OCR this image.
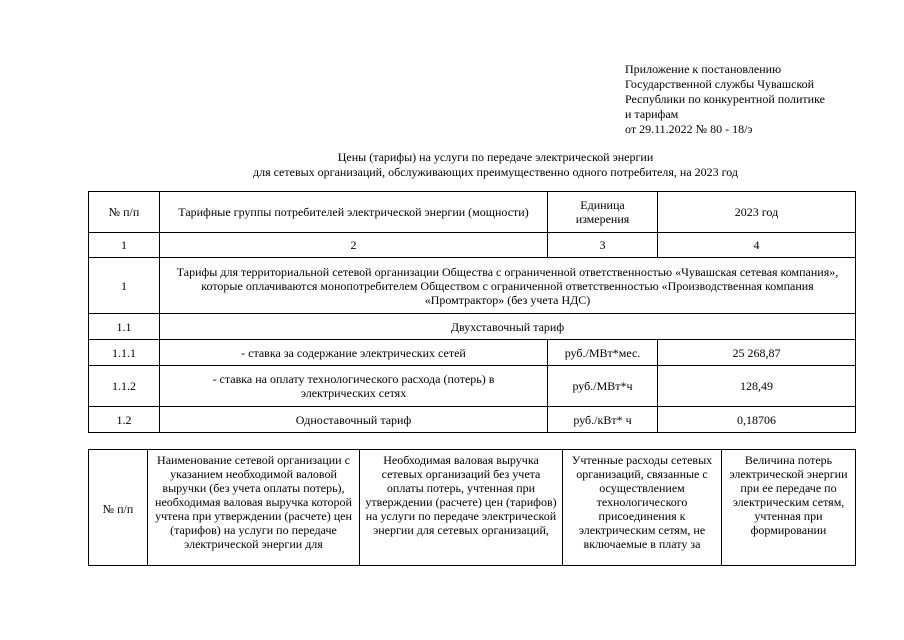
Приложение к постановлению
Государственной службы Чувашской
Республики по конкурентной политике
и тарифам
от 29.11.2022 № 80 - 18/э
Цены (тарифы) на услуги по передаче электрической энергии
для сетевых организаций, обслуживающих преимущественно одного потребителя, на 2023 год
№ п/п	Тарифные группы потребителей электрической энергии (мощности)	Единица измерения	2023 год
1	2	3	4
1	Тарифы для территориальной сетевой организации Общества с ограниченной ответственностью «Чувашская сетевая компания», которые оплачиваются монопотребителем Обществом с ограниченной ответственностью «Производственная компания «Промтрактор» (без учета НДС)		
1.1	Двухставочный тариф		
1.1.1	- ставка за содержание электрических сетей	руб./МВт*мес.	25 268,87
1.1.2	- ставка на оплату технологического расхода (потерь) в электрических сетях	руб./МВт*ч	128,49
1.2	Одноставочный тариф	руб./кВт* ч	0,18706
№ п/п	Наименование сетевой организации с указанием необходимой валовой выручки (без учета оплаты потерь), необходимая валовая выручка которой учтена при утверждении (расчете) цен (тарифов) на услуги по передаче электрической энергии для	Необходимая валовая выручка сетевых организаций без учета оплаты потерь, учтенная при утверждении (расчете) цен (тарифов) на услуги по передаче электрической энергии для сетевых организаций,	Учтенные расходы сетевых организаций, связанные с осуществлением технологического присоединения к электрическим сетям, не включаемые в плату за	Величина потерь электрической энергии при ее передаче по электрическим сетям, учтенная при формировании
